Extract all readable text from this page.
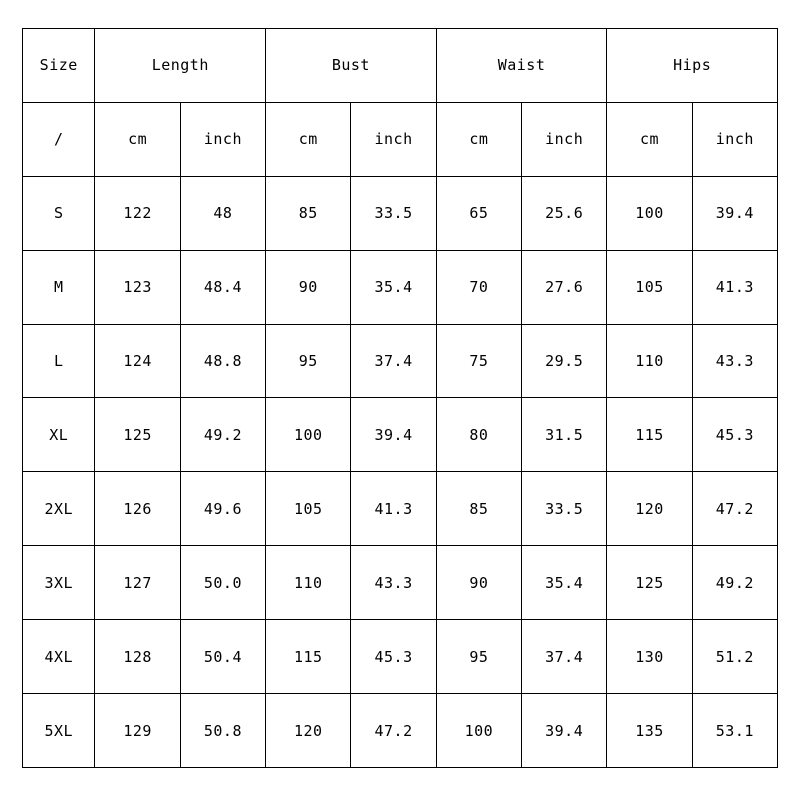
Size	Length		Bust		Waist		Hips	

/	cm	inch	cm	inch	cm	inch	cm	inch

S	122	48	85	33.5	65	25.6	100	39.4

M	123	48.4	90	35.4	70	27.6	105	41.3

L	124	48.8	95	37.4	75	29.5	110	43.3

XL	125	49.2	100	39.4	80	31.5	115	45.3

2XL	126	49.6	105	41.3	85	33.5	120	47.2

3XL	127	50.0	110	43.3	90	35.4	125	49.2

4XL	128	50.4	115	45.3	95	37.4	130	51.2

5XL	129	50.8	120	47.2	100	39.4	135	53.1
